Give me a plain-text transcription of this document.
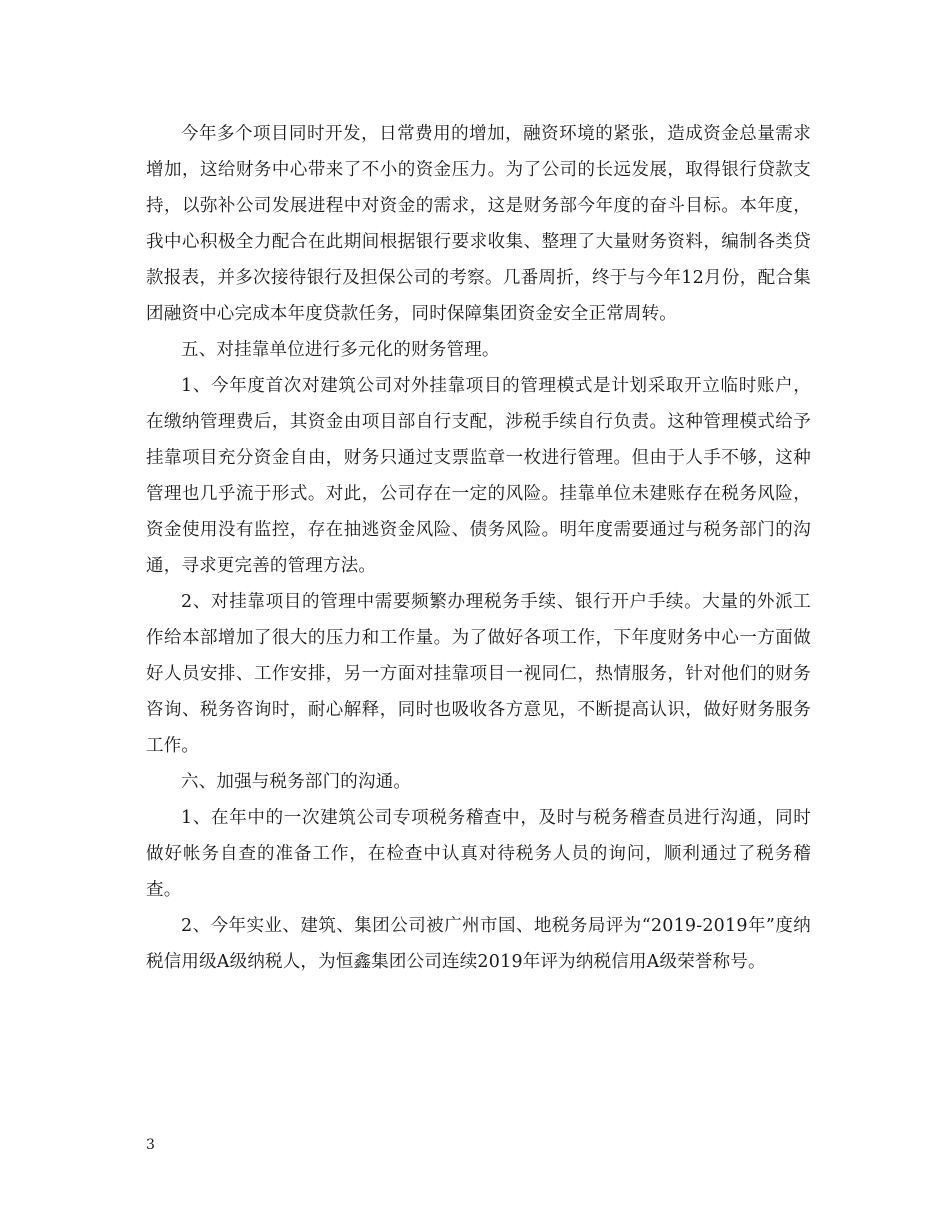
今年多个项目同时开发，日常费用的增加，融资环境的紧张，造成资金总量需求增加，这给财务中心带来了不小的资金压力。为了公司的长远发展，取得银行贷款支持，以弥补公司发展进程中对资金的需求，这是财务部今年度的奋斗目标。本年度，我中心积极全力配合在此期间根据银行要求收集、整理了大量财务资料，编制各类贷款报表，并多次接待银行及担保公司的考察。几番周折，终于与今年12月份，配合集团融资中心完成本年度贷款任务，同时保障集团资金安全正常周转。

五、对挂靠单位进行多元化的财务管理。

1、今年度首次对建筑公司对外挂靠项目的管理模式是计划采取开立临时账户，在缴纳管理费后，其资金由项目部自行支配，涉税手续自行负责。这种管理模式给予挂靠项目充分资金自由，财务只通过支票监章一枚进行管理。但由于人手不够，这种管理也几乎流于形式。对此，公司存在一定的风险。挂靠单位未建账存在税务风险，资金使用没有监控，存在抽逃资金风险、债务风险。明年度需要通过与税务部门的沟通，寻求更完善的管理方法。

2、对挂靠项目的管理中需要频繁办理税务手续、银行开户手续。大量的外派工作给本部增加了很大的压力和工作量。为了做好各项工作，下年度财务中心一方面做好人员安排、工作安排，另一方面对挂靠项目一视同仁，热情服务，针对他们的财务咨询、税务咨询时，耐心解释，同时也吸收各方意见，不断提高认识，做好财务服务工作。

六、加强与税务部门的沟通。

1、在年中的一次建筑公司专项税务稽查中，及时与税务稽查员进行沟通，同时做好帐务自查的准备工作，在检查中认真对待税务人员的询问，顺利通过了税务稽查。

2、今年实业、建筑、集团公司被广州市国、地税务局评为“2019-2019年”度纳税信用级A级纳税人，为恒鑫集团公司连续2019年评为纳税信用A级荣誉称号。

3
